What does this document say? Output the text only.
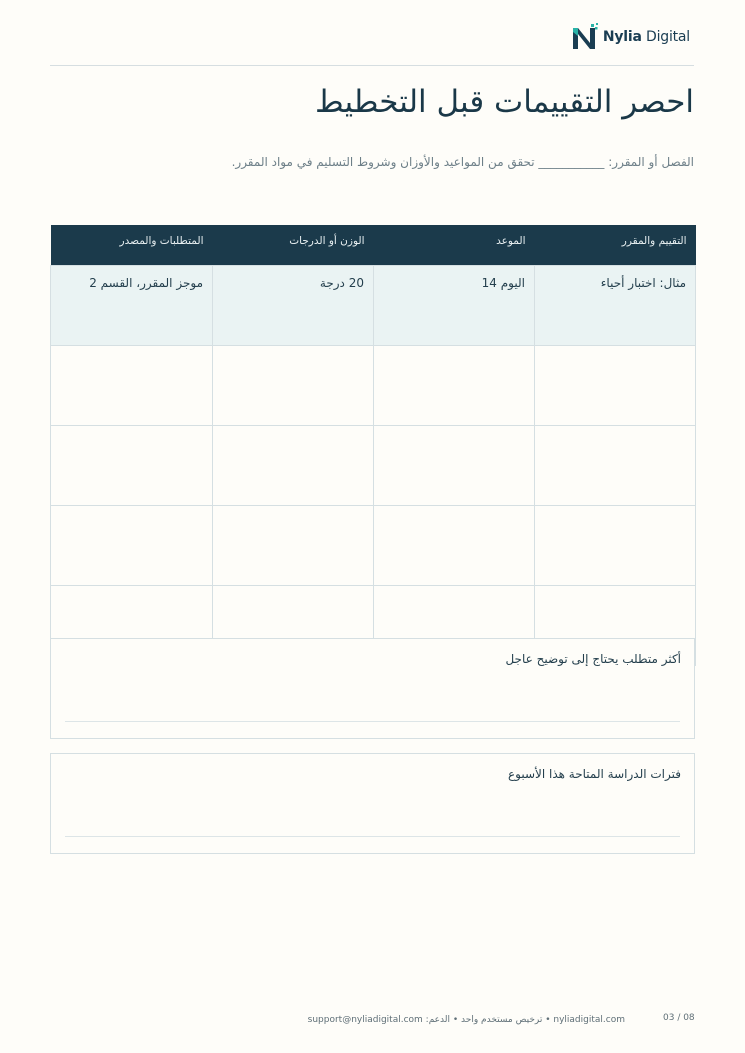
Nylia Digital
احصر التقييمات قبل التخطيط

الفصل أو المقرر: ___________ تحقق من المواعيد والأوزان وشروط التسليم في مواد المقرر.

التقييم والمقرر	الموعد	الوزن أو الدرجات	المتطلبات والمصدر
مثال: اختبار أحياء	اليوم 14	20 درجة	موجز المقرر، القسم 2

أكثر متطلب يحتاج إلى توضيح عاجل
فترات الدراسة المتاحة هذا الأسبوع
03 / 08
nyliadigital.com • ترخيص مستخدم واحد • الدعم: support@nyliadigital.com
